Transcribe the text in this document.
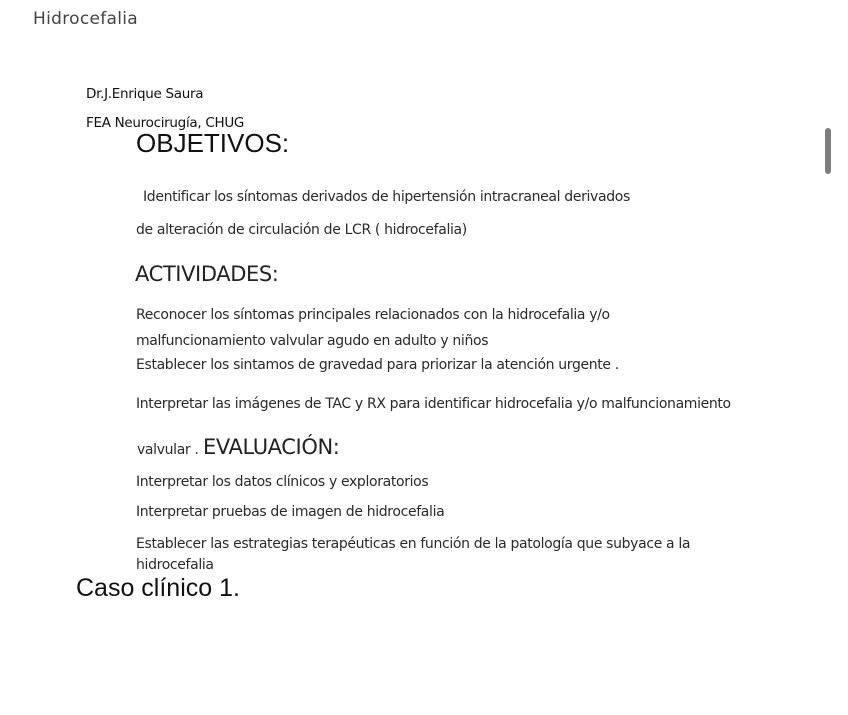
Hidrocefalia
Dr.J.Enrique Saura
FEA Neurocirugía, CHUG
OBJETIVOS:
Identificar los síntomas derivados de hipertensión intracraneal derivados
de alteración de circulación de LCR ( hidrocefalia)
ACTIVIDADES:
Reconocer los síntomas principales relacionados con la hidrocefalia y/o
malfuncionamiento valvular agudo en adulto y niños
Establecer los sintamos de gravedad para priorizar la atención urgente .
Interpretar las imágenes de TAC y RX para identificar hidrocefalia y/o malfuncionamiento
valvular . EVALUACIÓN:
Interpretar los datos clínicos y exploratorios
Interpretar pruebas de imagen de hidrocefalia
Establecer las estrategias terapéuticas en función de la patología que subyace a la
hidrocefalia
Caso clínico 1.
